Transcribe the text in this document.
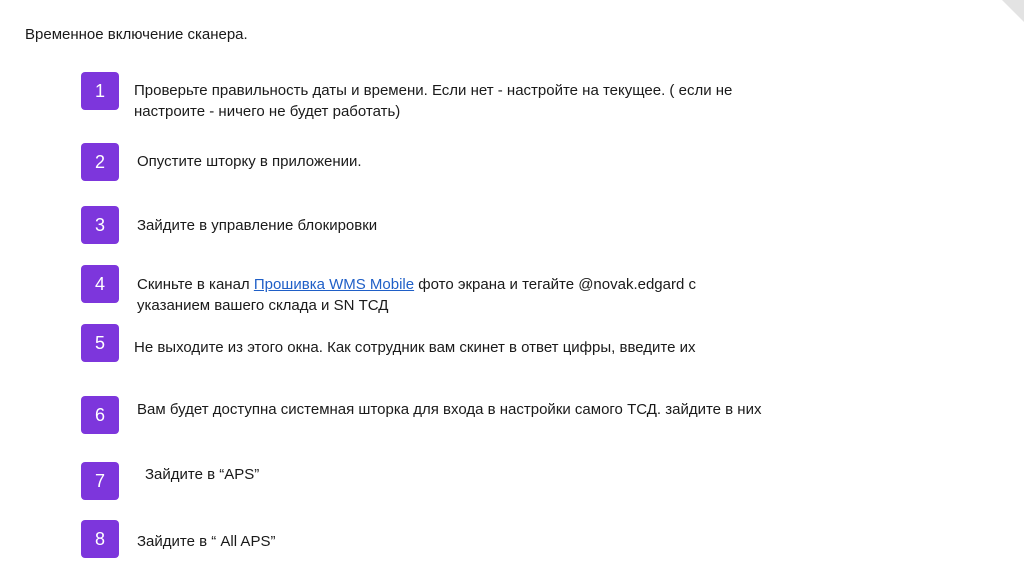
Временное включение сканера.
1	Проверьте правильность даты и времени. Если нет - настройте на текущее. ( если не настроите - ничего не будет работать)
2	Опустите шторку в приложении.
3	Зайдите в управление блокировки
4	Скиньте в канал Прошивка WMS Mobile фото экрана и тегайте @novak.edgard с указанием вашего склада и SN ТСД
5	Не выходите из этого окна. Как сотрудник вам скинет в ответ цифры, введите их
6	Вам будет доступна системная шторка для входа в настройки самого ТСД. зайдите в них
7	Зайдите в “APS”
8	Зайдите в “ All APS”
